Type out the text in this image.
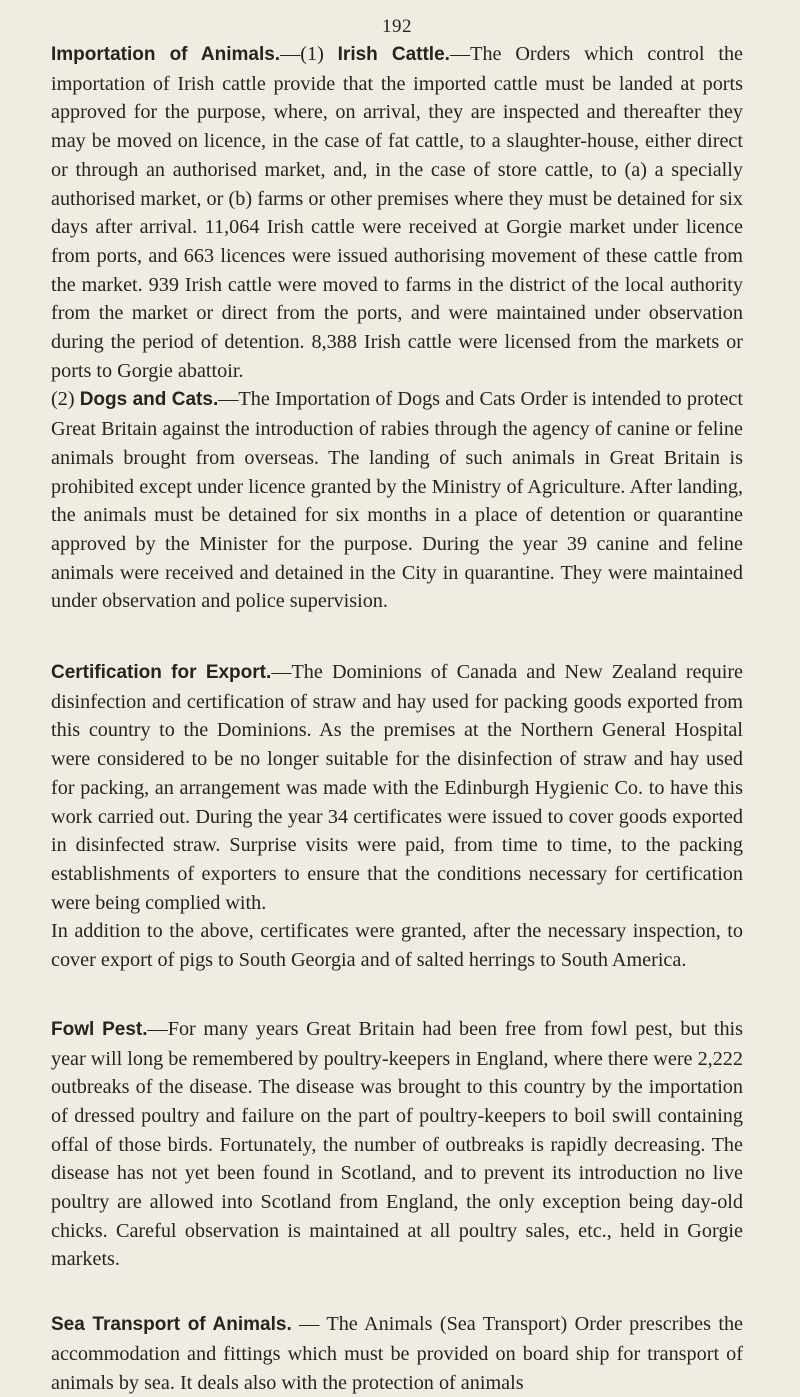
192

Importation of Animals.—(1) Irish Cattle.—The Orders which control the importation of Irish cattle provide that the imported cattle must be landed at ports approved for the purpose, where, on arrival, they are inspected and thereafter they may be moved on licence, in the case of fat cattle, to a slaughter-house, either direct or through an authorised market, and, in the case of store cattle, to (a) a specially authorised market, or (b) farms or other premises where they must be detained for six days after arrival. 11,064 Irish cattle were received at Gorgie market under licence from ports, and 663 licences were issued authorising movement of these cattle from the market. 939 Irish cattle were moved to farms in the district of the local authority from the market or direct from the ports, and were maintained under observation during the period of detention. 8,388 Irish cattle were licensed from the markets or ports to Gorgie abattoir.

(2) Dogs and Cats.—The Importation of Dogs and Cats Order is intended to protect Great Britain against the introduction of rabies through the agency of canine or feline animals brought from overseas. The landing of such animals in Great Britain is prohibited except under licence granted by the Ministry of Agriculture. After landing, the animals must be detained for six months in a place of detention or quarantine approved by the Minister for the purpose. During the year 39 canine and feline animals were received and detained in the City in quarantine. They were maintained under observation and police supervision.

Certification for Export.—The Dominions of Canada and New Zealand require disinfection and certification of straw and hay used for packing goods exported from this country to the Dominions. As the premises at the Northern General Hospital were considered to be no longer suitable for the disinfection of straw and hay used for packing, an arrangement was made with the Edinburgh Hygienic Co. to have this work carried out. During the year 34 certificates were issued to cover goods exported in disinfected straw. Surprise visits were paid, from time to time, to the packing establishments of exporters to ensure that the conditions necessary for certification were being complied with.

In addition to the above, certificates were granted, after the necessary inspection, to cover export of pigs to South Georgia and of salted herrings to South America.

Fowl Pest.—For many years Great Britain had been free from fowl pest, but this year will long be remembered by poultry-keepers in England, where there were 2,222 outbreaks of the disease. The disease was brought to this country by the importation of dressed poultry and failure on the part of poultry-keepers to boil swill containing offal of those birds. Fortunately, the number of outbreaks is rapidly decreasing. The disease has not yet been found in Scotland, and to prevent its introduction no live poultry are allowed into Scotland from England, the only exception being day-old chicks. Careful observation is maintained at all poultry sales, etc., held in Gorgie markets.

Sea Transport of Animals. — The Animals (Sea Transport) Order prescribes the accommodation and fittings which must be provided on board ship for transport of animals by sea. It deals also with the protection of animals
